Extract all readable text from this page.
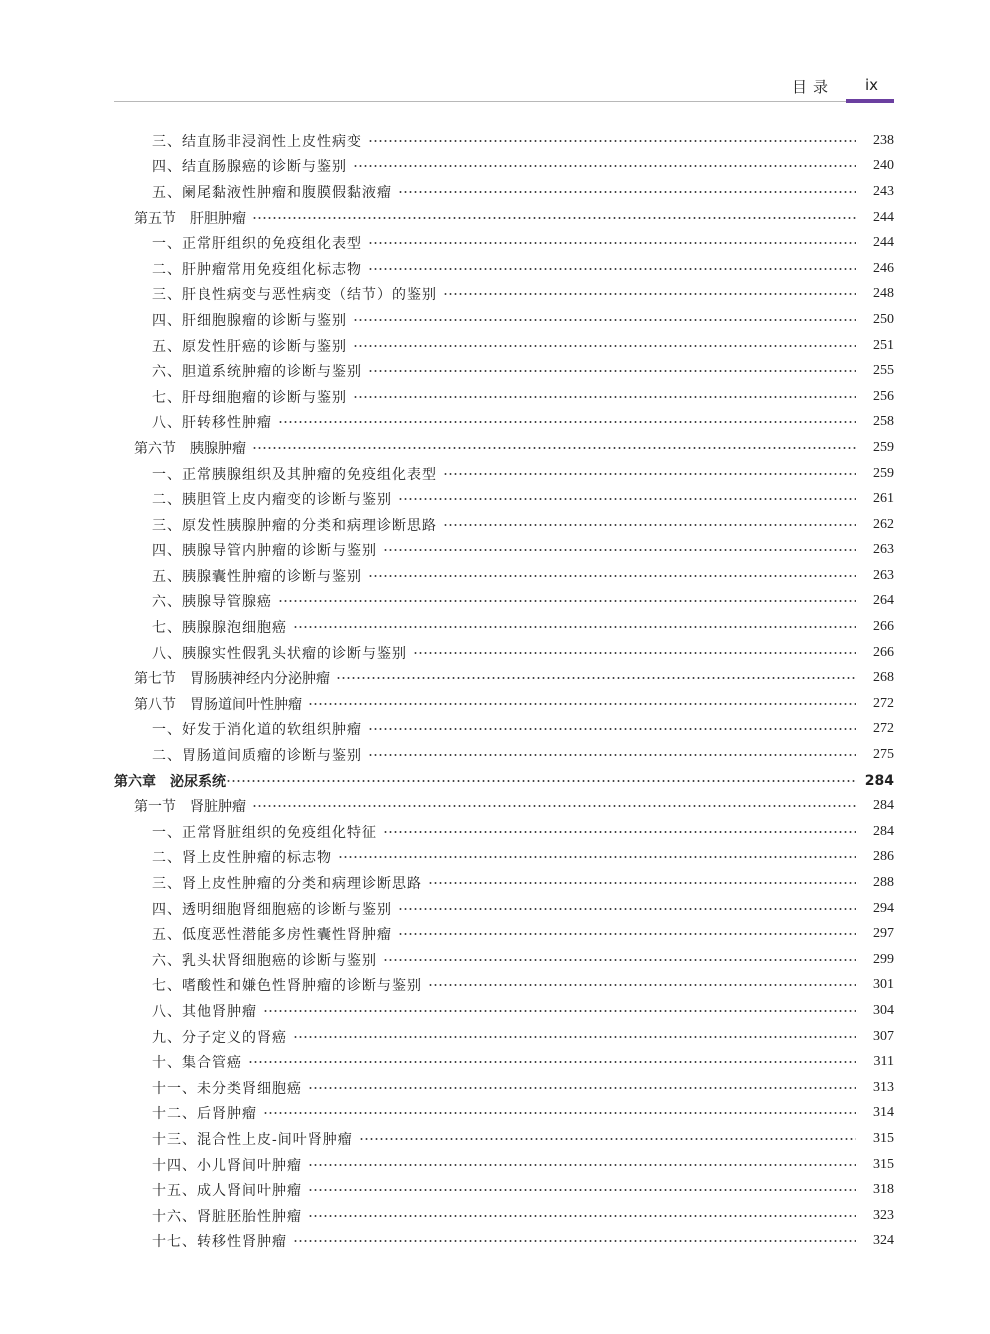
目录 ix
三、结直肠非浸润性上皮性病变	238
四、结直肠腺癌的诊断与鉴别	240
五、阑尾黏液性肿瘤和腹膜假黏液瘤	243
第五节　肝胆肿瘤	244
一、正常肝组织的免疫组化表型	244
二、肝肿瘤常用免疫组化标志物	246
三、肝良性病变与恶性病变（结节）的鉴别	248
四、肝细胞腺瘤的诊断与鉴别	250
五、原发性肝癌的诊断与鉴别	251
六、胆道系统肿瘤的诊断与鉴别	255
七、肝母细胞瘤的诊断与鉴别	256
八、肝转移性肿瘤	258
第六节　胰腺肿瘤	259
一、正常胰腺组织及其肿瘤的免疫组化表型	259
二、胰胆管上皮内瘤变的诊断与鉴别	261
三、原发性胰腺肿瘤的分类和病理诊断思路	262
四、胰腺导管内肿瘤的诊断与鉴别	263
五、胰腺囊性肿瘤的诊断与鉴别	263
六、胰腺导管腺癌	264
七、胰腺腺泡细胞癌	266
八、胰腺实性假乳头状瘤的诊断与鉴别	266
第七节　胃肠胰神经内分泌肿瘤	268
第八节　胃肠道间叶性肿瘤	272
一、好发于消化道的软组织肿瘤	272
二、胃肠道间质瘤的诊断与鉴别	275
第六章　泌尿系统	284
第一节　肾脏肿瘤	284
一、正常肾脏组织的免疫组化特征	284
二、肾上皮性肿瘤的标志物	286
三、肾上皮性肿瘤的分类和病理诊断思路	288
四、透明细胞肾细胞癌的诊断与鉴别	294
五、低度恶性潜能多房性囊性肾肿瘤	297
六、乳头状肾细胞癌的诊断与鉴别	299
七、嗜酸性和嫌色性肾肿瘤的诊断与鉴别	301
八、其他肾肿瘤	304
九、分子定义的肾癌	307
十、集合管癌	311
十一、未分类肾细胞癌	313
十二、后肾肿瘤	314
十三、混合性上皮-间叶肾肿瘤	315
十四、小儿肾间叶肿瘤	315
十五、成人肾间叶肿瘤	318
十六、肾脏胚胎性肿瘤	323
十七、转移性肾肿瘤	324
